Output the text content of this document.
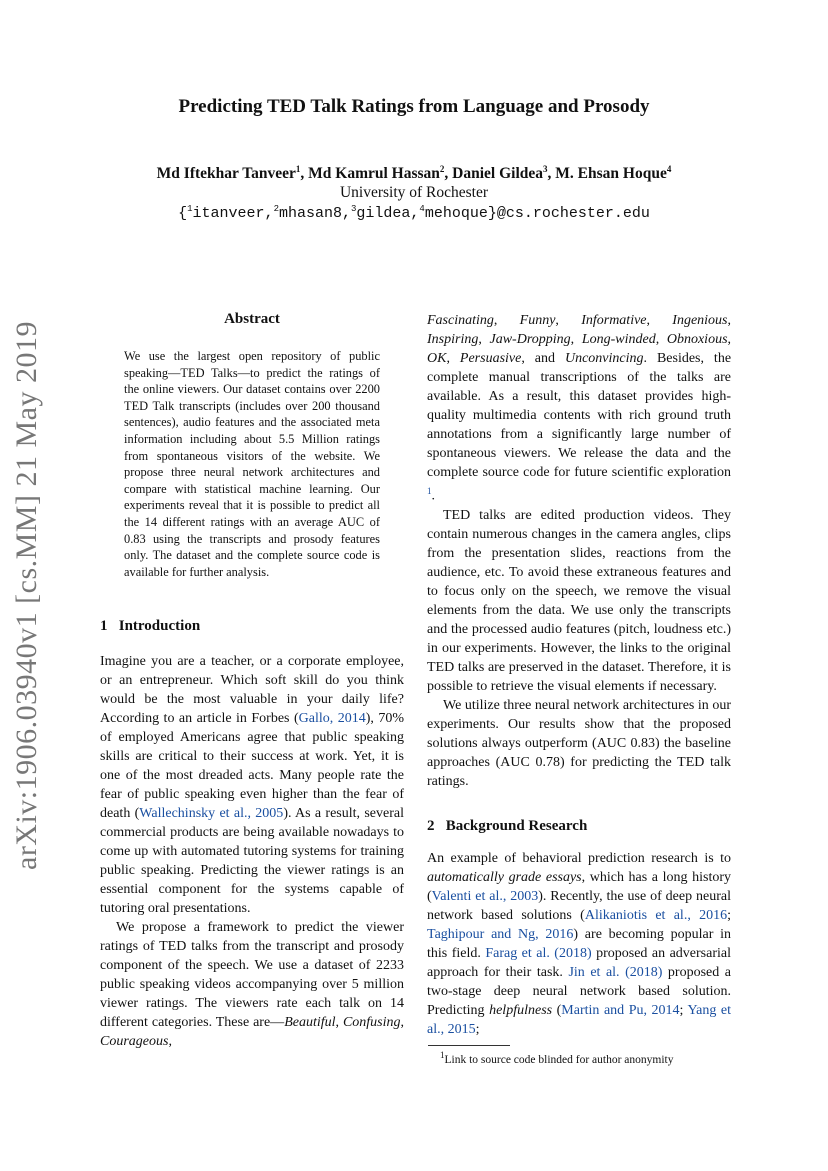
arXiv:1906.03940v1 [cs.MM] 21 May 2019
Predicting TED Talk Ratings from Language and Prosody
Md Iftekhar Tanveer$^1$, Md Kamrul Hassan$^2$, Daniel Gildea$^3$, M. Ehsan Hoque$^4$
University of Rochester
{$^1$itanveer,$^2$mhasan8,$^3$gildea,$^4$mehoque}@cs.rochester.edu
Abstract
We use the largest open repository of public speaking—TED Talks—to predict the ratings of the online viewers. Our dataset contains over 2200 TED Talk transcripts (includes over 200 thousand sentences), audio features and the associated meta information including about 5.5 Million ratings from spontaneous visitors of the website. We propose three neural network architectures and compare with statistical machine learning. Our experiments reveal that it is possible to predict all the 14 different ratings with an average AUC of 0.83 using the transcripts and prosody features only. The dataset and the complete source code is available for further analysis.
1 Introduction

Imagine you are a teacher, or a corporate employee, or an entrepreneur. Which soft skill do you think would be the most valuable in your daily life? According to an article in Forbes (Gallo, 2014), 70% of employed Americans agree that public speaking skills are critical to their success at work. Yet, it is one of the most dreaded acts. Many people rate the fear of public speaking even higher than the fear of death (Wallechinsky et al., 2005). As a result, several commercial products are being available nowadays to come up with automated tutoring systems for training public speaking. Predicting the viewer ratings is an essential component for the systems capable of tutoring oral presentations.

We propose a framework to predict the viewer ratings of TED talks from the transcript and prosody component of the speech. We use a dataset of 2233 public speaking videos accompanying over 5 million viewer ratings. The viewers rate each talk on 14 different categories. These are—Beautiful, Confusing, Courageous,

Fascinating, Funny, Informative, Ingenious, Inspiring, Jaw-Dropping, Long-winded, Obnoxious, OK, Persuasive, and Unconvincing. Besides, the complete manual transcriptions of the talks are available. As a result, this dataset provides high-quality multimedia contents with rich ground truth annotations from a significantly large number of spontaneous viewers. We release the data and the complete source code for future scientific exploration $^1$.

TED talks are edited production videos. They contain numerous changes in the camera angles, clips from the presentation slides, reactions from the audience, etc. To avoid these extraneous features and to focus only on the speech, we remove the visual elements from the data. We use only the transcripts and the processed audio features (pitch, loudness etc.) in our experiments. However, the links to the original TED talks are preserved in the dataset. Therefore, it is possible to retrieve the visual elements if necessary.

We utilize three neural network architectures in our experiments. Our results show that the proposed solutions always outperform (AUC 0.83) the baseline approaches (AUC 0.78) for predicting the TED talk ratings.

2 Background Research

An example of behavioral prediction research is to automatically grade essays, which has a long history (Valenti et al., 2003). Recently, the use of deep neural network based solutions (Alikaniotis et al., 2016; Taghipour and Ng, 2016) are becoming popular in this field. Farag et al. (2018) proposed an adversarial approach for their task. Jin et al. (2018) proposed a two-stage deep neural network based solution. Predicting helpfulness (Martin and Pu, 2014; Yang et al., 2015;

$^1$Link to source code blinded for author anonymity
